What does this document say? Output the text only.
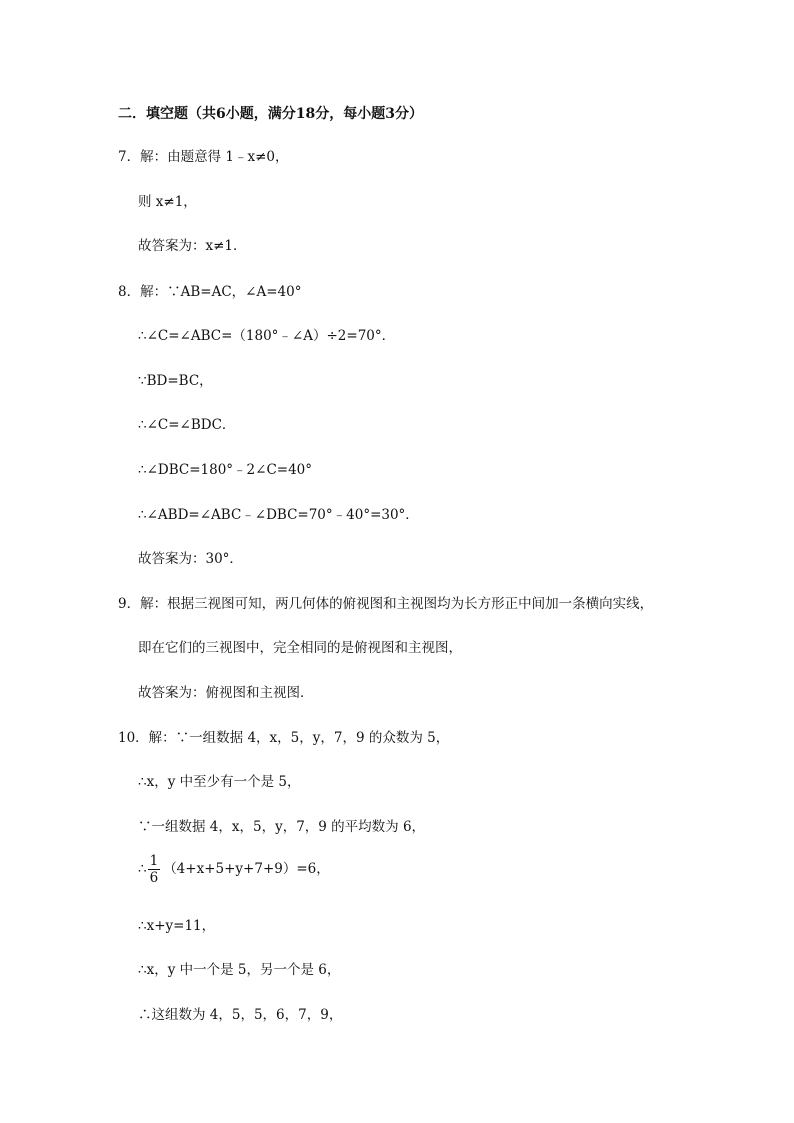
二．填空题（共6小题，满分18分，每小题3分）
7．解：由题意得 1﹣x≠0，
则 x≠1，
故答案为：x≠1．
8．解：∵AB=AC，∠A=40°
∴∠C=∠ABC=（180°﹣∠A）÷2=70°．
∵BD=BC，
∴∠C=∠BDC．
∴∠DBC=180°﹣2∠C=40°
∴∠ABD=∠ABC﹣∠DBC=70°﹣40°=30°．
故答案为：30°．
9．解：根据三视图可知，两几何体的俯视图和主视图均为长方形正中间加一条横向实线，
即在它们的三视图中，完全相同的是俯视图和主视图，
故答案为：俯视图和主视图．
10．解：∵一组数据 4，x，5，y，7，9 的众数为 5，
∴x，y 中至少有一个是 5，
∵一组数据 4，x，5，y，7，9 的平均数为 6，
∴ $\frac{1}{6} (4+x+5+y+7+9)=6$，
∴x+y=11，
∴x，y 中一个是 5，另一个是 6，
∴这组数为 4，5，5，6，7，9，
